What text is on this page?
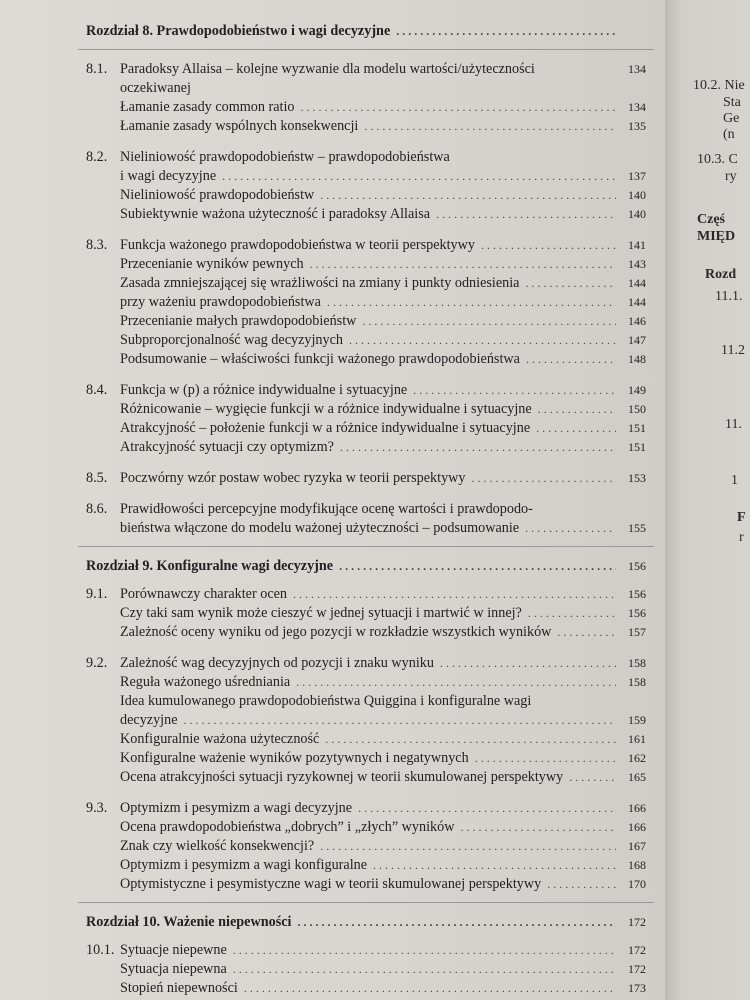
Rozdział 8. Prawdopodobieństwo i wagi decyzyjne
. . .
8.1. Paradoksy Allaisa – kolejne wyzwanie dla modelu wartości/użyteczności	134
oczekiwanej
Łamanie zasady common ratio . . .	134
Łamanie zasady wspólnych konsekwencji . . .	135
8.2. Nieliniowość prawdopodobieństw – prawdopodobieństwa
i wagi decyzyjne . . .	137
Nieliniowość prawdopodobieństw . . .	140
Subiektywnie ważona użyteczność i paradoksy Allaisa . . .	140
8.3. Funkcja ważonego prawdopodobieństwa w teorii perspektywy . . .	141
Przecenianie wyników pewnych . . .	143
Zasada zmniejszającej się wrażliwości na zmiany i punkty odniesienia . . .	144
przy ważeniu prawdopodobieństwa . . .	144
Przecenianie małych prawdopodobieństw . . .	146
Subproporcjonalność wag decyzyjnych . . .	147
Podsumowanie – właściwości funkcji ważonego prawdopodobieństwa . . .	148
8.4. Funkcja w (p) a różnice indywidualne i sytuacyjne . . .	149
Różnicowanie – wygięcie funkcji w a różnice indywidualne i sytuacyjne . . .	150
Atrakcyjność – położenie funkcji w a różnice indywidualne i sytuacyjne . . .	151
Atrakcyjność sytuacji czy optymizm? . . .	151
8.5. Poczwórny wzór postaw wobec ryzyka w teorii perspektywy . . .	153
8.6. Prawidłowości percepcyjne modyfikujące ocenę wartości i prawdopodo-
bieństwa włączone do modelu ważonej użyteczności – podsumowanie . . .	155
Rozdział 9. Konfiguralne wagi decyzyjne . . .	156
9.1. Porównawczy charakter ocen . . .	156
Czy taki sam wynik może cieszyć w jednej sytuacji i martwić w innej? . . .	156
Zależność oceny wyniku od jego pozycji w rozkładzie wszystkich wyników . . .	157
9.2. Zależność wag decyzyjnych od pozycji i znaku wyniku . . .	158
Reguła ważonego uśredniania . . .	158
Idea kumulowanego prawdopodobieństwa Quiggina i konfiguralne wagi
decyzyjne . . .	159
Konfiguralnie ważona użyteczność . . .	161
Konfiguralne ważenie wyników pozytywnych i negatywnych . . .	162
Ocena atrakcyjności sytuacji ryzykownej w teorii skumulowanej perspektywy . . .	165
9.3. Optymizm i pesymizm a wagi decyzyjne . . .	166
Ocena prawdopodobieństwa „dobrych” i „złych” wyników . . .	166
Znak czy wielkość konsekwencji? . . .	167
Optymizm i pesymizm a wagi konfiguralne . . .	168
Optymistyczne i pesymistyczne wagi w teorii skumulowanej perspektywy . . .	170
Rozdział 10. Ważenie niepewności . . .	172
10.1. Sytuacje niepewne . . .	172
Sytuacja niepewna . . .	172
Stopień niepewności . . .	173
10.2. Nie
Sta
Ge
(n
10.3. C
ry
Częś
MIĘD
Rozd
11.1.
11.2
11.
1
F
r
